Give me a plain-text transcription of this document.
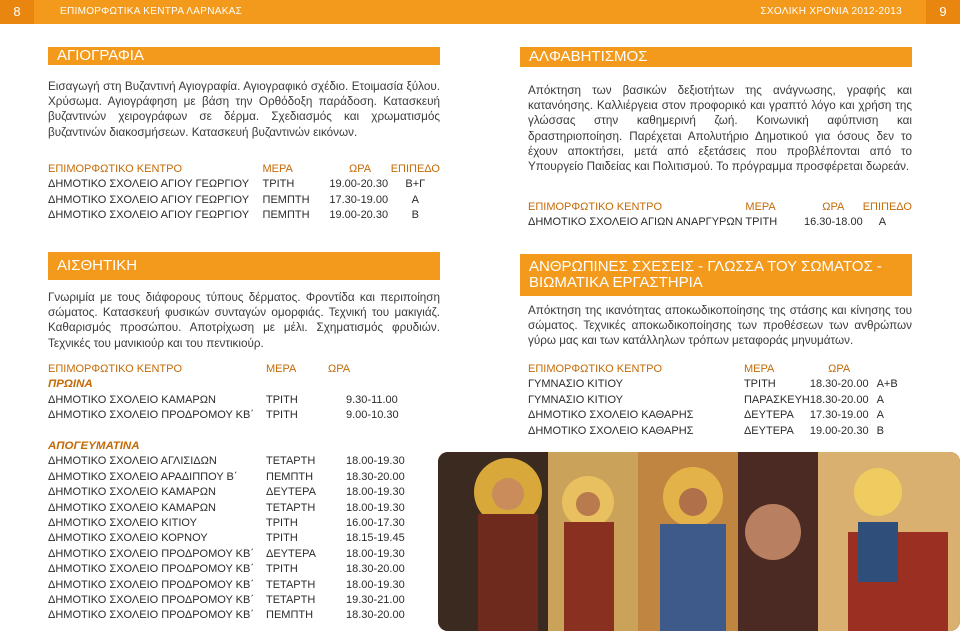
8	ΕΠΙΜΟΡΦΩΤΙΚΑ ΚΕΝΤΡΑ ΛΑΡΝΑΚΑΣ	ΣΧΟΛΙΚΗ ΧΡΟΝΙΑ 2012-2013	9
ΑΓΙΟΓΡΑΦΙΑ

Εισαγωγή στη Βυζαντινή Αγιογραφία. Αγιογραφικό σχέδιο. Ετοιμασία ξύλου. Χρύσωμα. Αγιογράφηση με βάση την Ορθόδοξη παράδοση. Κατασκευή βυζαντινών χειρογράφων σε δέρμα. Σχεδιασμός και χρωματισμός βυζαντινών διακοσμήσεων. Κατασκευή βυζαντινών εικόνων.

ΕΠΙΜΟΡΦΩΤΙΚΟ ΚΕΝΤΡΟ	ΜΕΡΑ	ΩΡΑ	ΕΠΙΠΕΔΟ
ΔΗΜΟΤΙΚΟ ΣΧΟΛΕΙΟ ΑΓΙΟΥ ΓΕΩΡΓΙΟΥ	ΤΡΙΤΗ	19.00-20.30	Β+Γ
ΔΗΜΟΤΙΚΟ ΣΧΟΛΕΙΟ ΑΓΙΟΥ ΓΕΩΡΓΙΟΥ	ΠΕΜΠΤΗ	17.30-19.00	Α
ΔΗΜΟΤΙΚΟ ΣΧΟΛΕΙΟ ΑΓΙΟΥ ΓΕΩΡΓΙΟΥ	ΠΕΜΠΤΗ	19.00-20.30	Β
ΑΙΣΘΗΤΙΚΗ

Γνωριμία με τους διάφορους τύπους δέρματος. Φροντίδα και περιποίηση σώματος. Κατασκευή φυσικών συνταγών ομορφιάς. Τεχνική του μακιγιάζ. Καθαρισμός προσώπου. Αποτρίχωση με μέλι. Σχηματισμός φρυδιών. Τεχνικές του μανικιούρ και του πεντικιούρ.

ΕΠΙΜΟΡΦΩΤΙΚΟ ΚΕΝΤΡΟ	ΜΕΡΑ	ΩΡΑ
ΠΡΩΙΝΑ		
ΔΗΜΟΤΙΚΟ ΣΧΟΛΕΙΟ ΚΑΜΑΡΩΝ	ΤΡΙΤΗ	9.30-11.00
ΔΗΜΟΤΙΚΟ ΣΧΟΛΕΙΟ ΠΡΟΔΡΟΜΟΥ ΚΒ΄	ΤΡΙΤΗ	9.00-10.30

ΑΠΟΓΕΥΜΑΤΙΝΑ		
ΔΗΜΟΤΙΚΟ ΣΧΟΛΕΙΟ ΑΓΛΙΣΙΔΩΝ	ΤΕΤΑΡΤΗ	18.00-19.30
ΔΗΜΟΤΙΚΟ ΣΧΟΛΕΙΟ ΑΡΑΔΙΠΠΟΥ Β΄	ΠΕΜΠΤΗ	18.30-20.00
ΔΗΜΟΤΙΚΟ ΣΧΟΛΕΙΟ ΚΑΜΑΡΩΝ	ΔΕΥΤΕΡΑ	18.00-19.30
ΔΗΜΟΤΙΚΟ ΣΧΟΛΕΙΟ ΚΑΜΑΡΩΝ	ΤΕΤΑΡΤΗ	18.00-19.30
ΔΗΜΟΤΙΚΟ ΣΧΟΛΕΙΟ ΚΙΤΙΟΥ	ΤΡΙΤΗ	16.00-17.30
ΔΗΜΟΤΙΚΟ ΣΧΟΛΕΙΟ ΚΟΡΝΟΥ	ΤΡΙΤΗ	18.15-19.45
ΔΗΜΟΤΙΚΟ ΣΧΟΛΕΙΟ ΠΡΟΔΡΟΜΟΥ ΚΒ΄	ΔΕΥΤΕΡΑ	18.00-19.30
ΔΗΜΟΤΙΚΟ ΣΧΟΛΕΙΟ ΠΡΟΔΡΟΜΟΥ ΚΒ΄	ΤΡΙΤΗ	18.30-20.00
ΔΗΜΟΤΙΚΟ ΣΧΟΛΕΙΟ ΠΡΟΔΡΟΜΟΥ ΚΒ΄	ΤΕΤΑΡΤΗ	18.00-19.30
ΔΗΜΟΤΙΚΟ ΣΧΟΛΕΙΟ ΠΡΟΔΡΟΜΟΥ ΚΒ΄	ΤΕΤΑΡΤΗ	19.30-21.00
ΔΗΜΟΤΙΚΟ ΣΧΟΛΕΙΟ ΠΡΟΔΡΟΜΟΥ ΚΒ΄	ΠΕΜΠΤΗ	18.30-20.00
ΑΛΦΑΒΗΤΙΣΜΟΣ

Απόκτηση των βασικών δεξιοτήτων της ανάγνωσης, γραφής και κατανόησης. Καλλιέργεια στον προφορικό και γραπτό λόγο και χρήση της γλώσσας στην καθημερινή ζωή. Κοινωνική αφύπνιση και δραστηριοποίηση. Παρέχεται Απολυτήριο Δημοτικού για όσους δεν το έχουν αποκτήσει, μετά από εξετάσεις που προβλέπονται από το Υπουργείο Παιδείας και Πολιτισμού. Το πρόγραμμα προσφέρεται δωρεάν.

ΕΠΙΜΟΡΦΩΤΙΚΟ ΚΕΝΤΡΟ	ΜΕΡΑ	ΩΡΑ	ΕΠΙΠΕΔΟ
ΔΗΜΟΤΙΚΟ ΣΧΟΛΕΙΟ ΑΓΙΩΝ ΑΝΑΡΓΥΡΩΝ	ΤΡΙΤΗ	16.30-18.00	Α
ΑΝΘΡΩΠΙΝΕΣ ΣΧΕΣΕΙΣ - ΓΛΩΣΣΑ ΤΟΥ ΣΩΜΑΤΟΣ - ΒΙΩΜΑΤΙΚΑ ΕΡΓΑΣΤΗΡΙΑ

Απόκτηση της ικανότητας αποκωδικοποίησης της στάσης και κίνησης του σώματος. Τεχνικές αποκωδικοποίησης των προθέσεων των ανθρώπων γύρω μας και των κατάλληλων τρόπων μεταφοράς μηνυμάτων.

ΕΠΙΜΟΡΦΩΤΙΚΟ ΚΕΝΤΡΟ	ΜΕΡΑ	ΩΡΑ	
ΓΥΜΝΑΣΙΟ ΚΙΤΙΟΥ	ΤΡΙΤΗ	18.30-20.00	Α+Β
ΓΥΜΝΑΣΙΟ ΚΙΤΙΟΥ	ΠΑΡΑΣΚΕΥΗ	18.30-20.00	Α
ΔΗΜΟΤΙΚΟ ΣΧΟΛΕΙΟ ΚΑΘΑΡΗΣ	ΔΕΥΤΕΡΑ	17.30-19.00	Α
ΔΗΜΟΤΙΚΟ ΣΧΟΛΕΙΟ ΚΑΘΑΡΗΣ	ΔΕΥΤΕΡΑ	19.00-20.30	Β
